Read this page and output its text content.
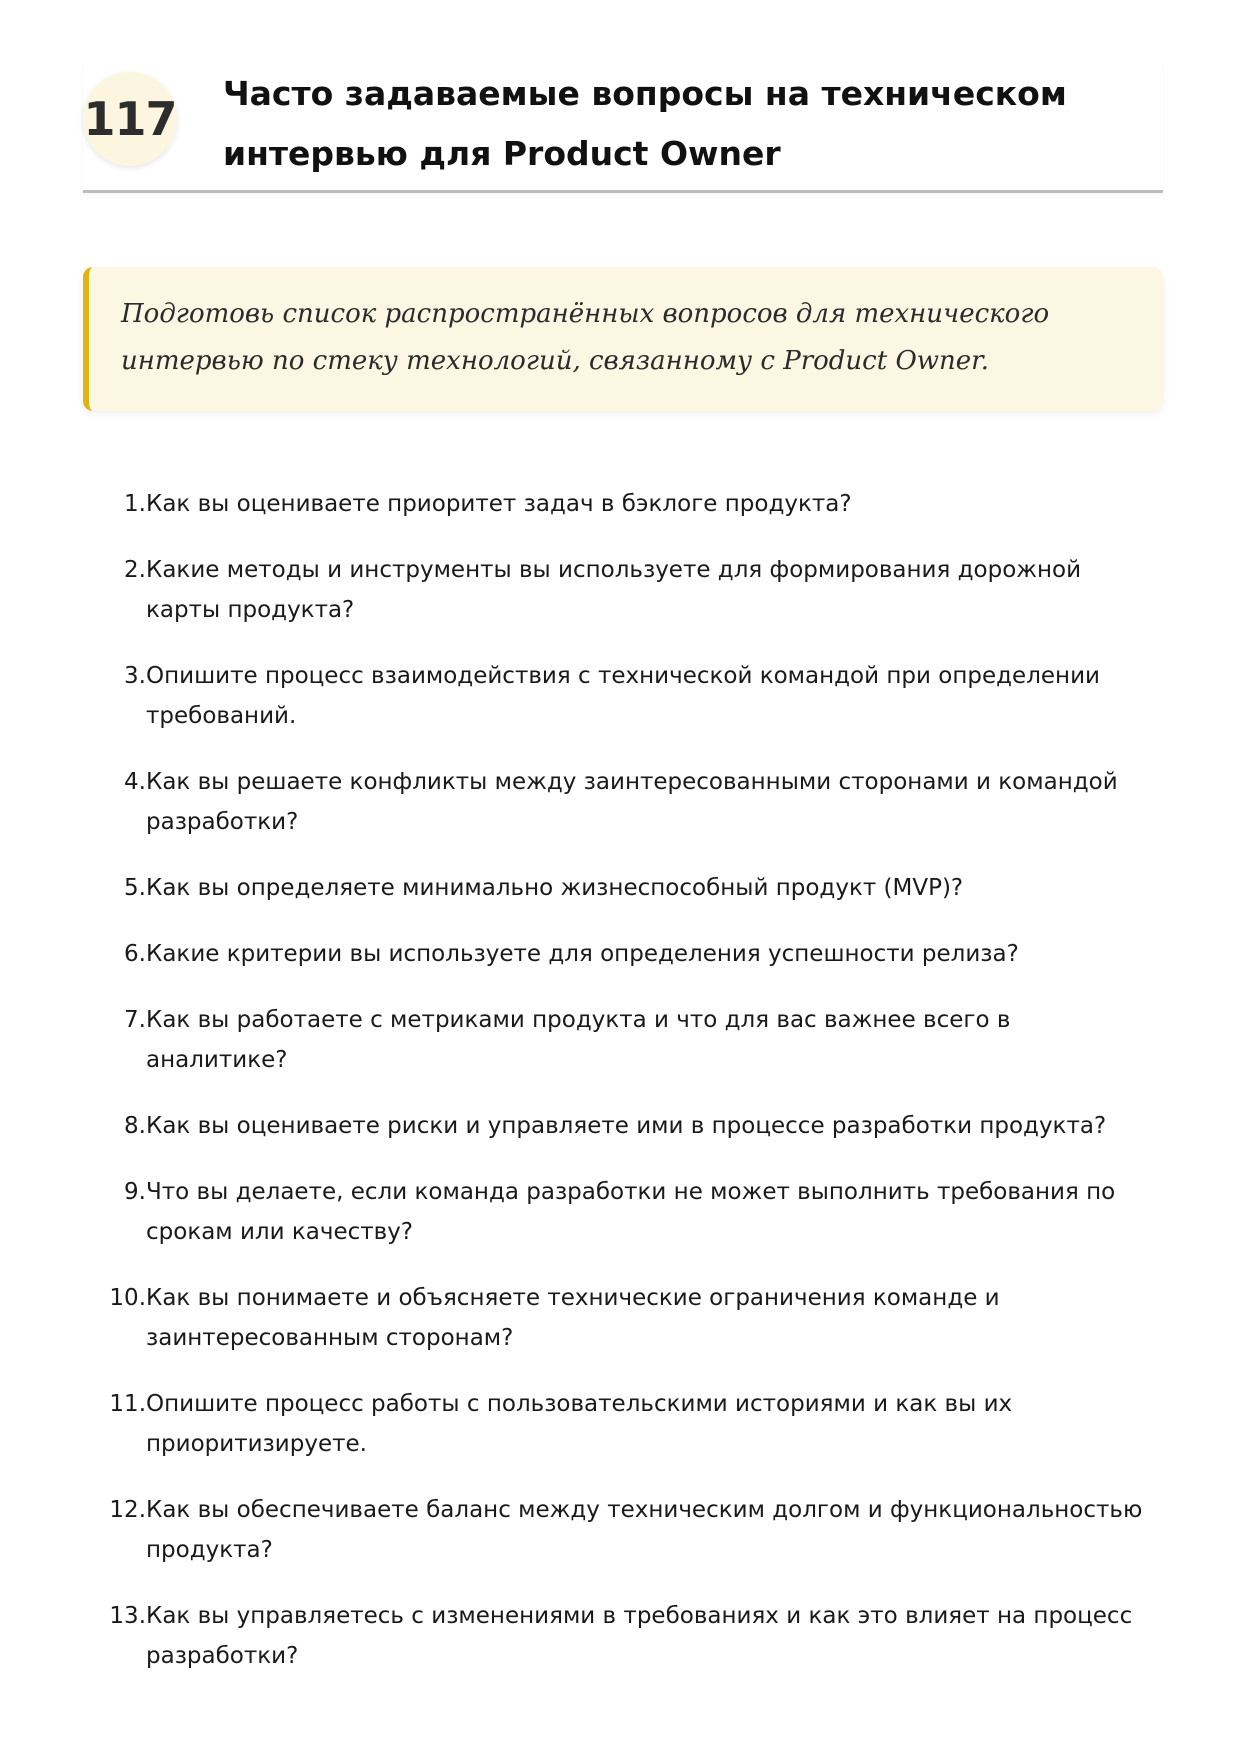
117 Часто задаваемые вопросы на техническом интервью для Product Owner

Подготовь список распространённых вопросов для технического интервью по стеку технологий, связанному с Product Owner.

1. Как вы оцениваете приоритет задач в бэклоге продукта?
2. Какие методы и инструменты вы используете для формирования дорожной карты продукта?
3. Опишите процесс взаимодействия с технической командой при определении требований.
4. Как вы решаете конфликты между заинтересованными сторонами и командой разработки?
5. Как вы определяете минимально жизнеспособный продукт (MVP)?
6. Какие критерии вы используете для определения успешности релиза?
7. Как вы работаете с метриками продукта и что для вас важнее всего в аналитике?
8. Как вы оцениваете риски и управляете ими в процессе разработки продукта?
9. Что вы делаете, если команда разработки не может выполнить требования по срокам или качеству?
10. Как вы понимаете и объясняете технические ограничения команде и заинтересованным сторонам?
11. Опишите процесс работы с пользовательскими историями и как вы их приоритизируете.
12. Как вы обеспечиваете баланс между техническим долгом и функциональностью продукта?
13. Как вы управляетесь с изменениями в требованиях и как это влияет на процесс разработки?
